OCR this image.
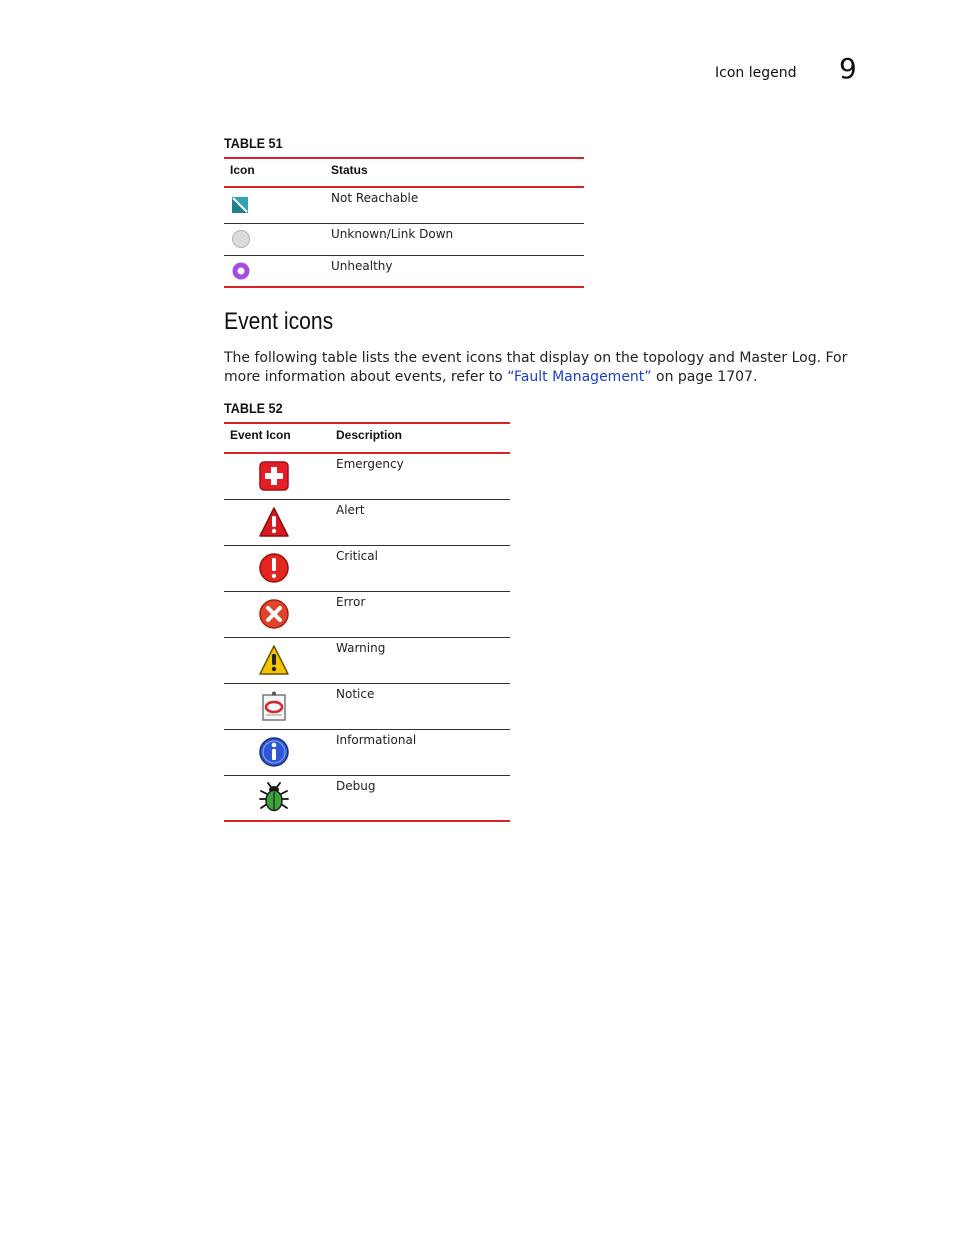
Icon legend 9
TABLE 51
Icon	Status

	Not Reachable

	Unknown/Link Down

	Unhealthy
Event icons
The following table lists the event icons that display on the topology and Master Log. For more information about events, refer to “Fault Management” on page 1707.
TABLE 52
Event Icon	Description

	Emergency

	Alert

	Critical

	Error

	Warning

	Notice

	Informational

	Debug
